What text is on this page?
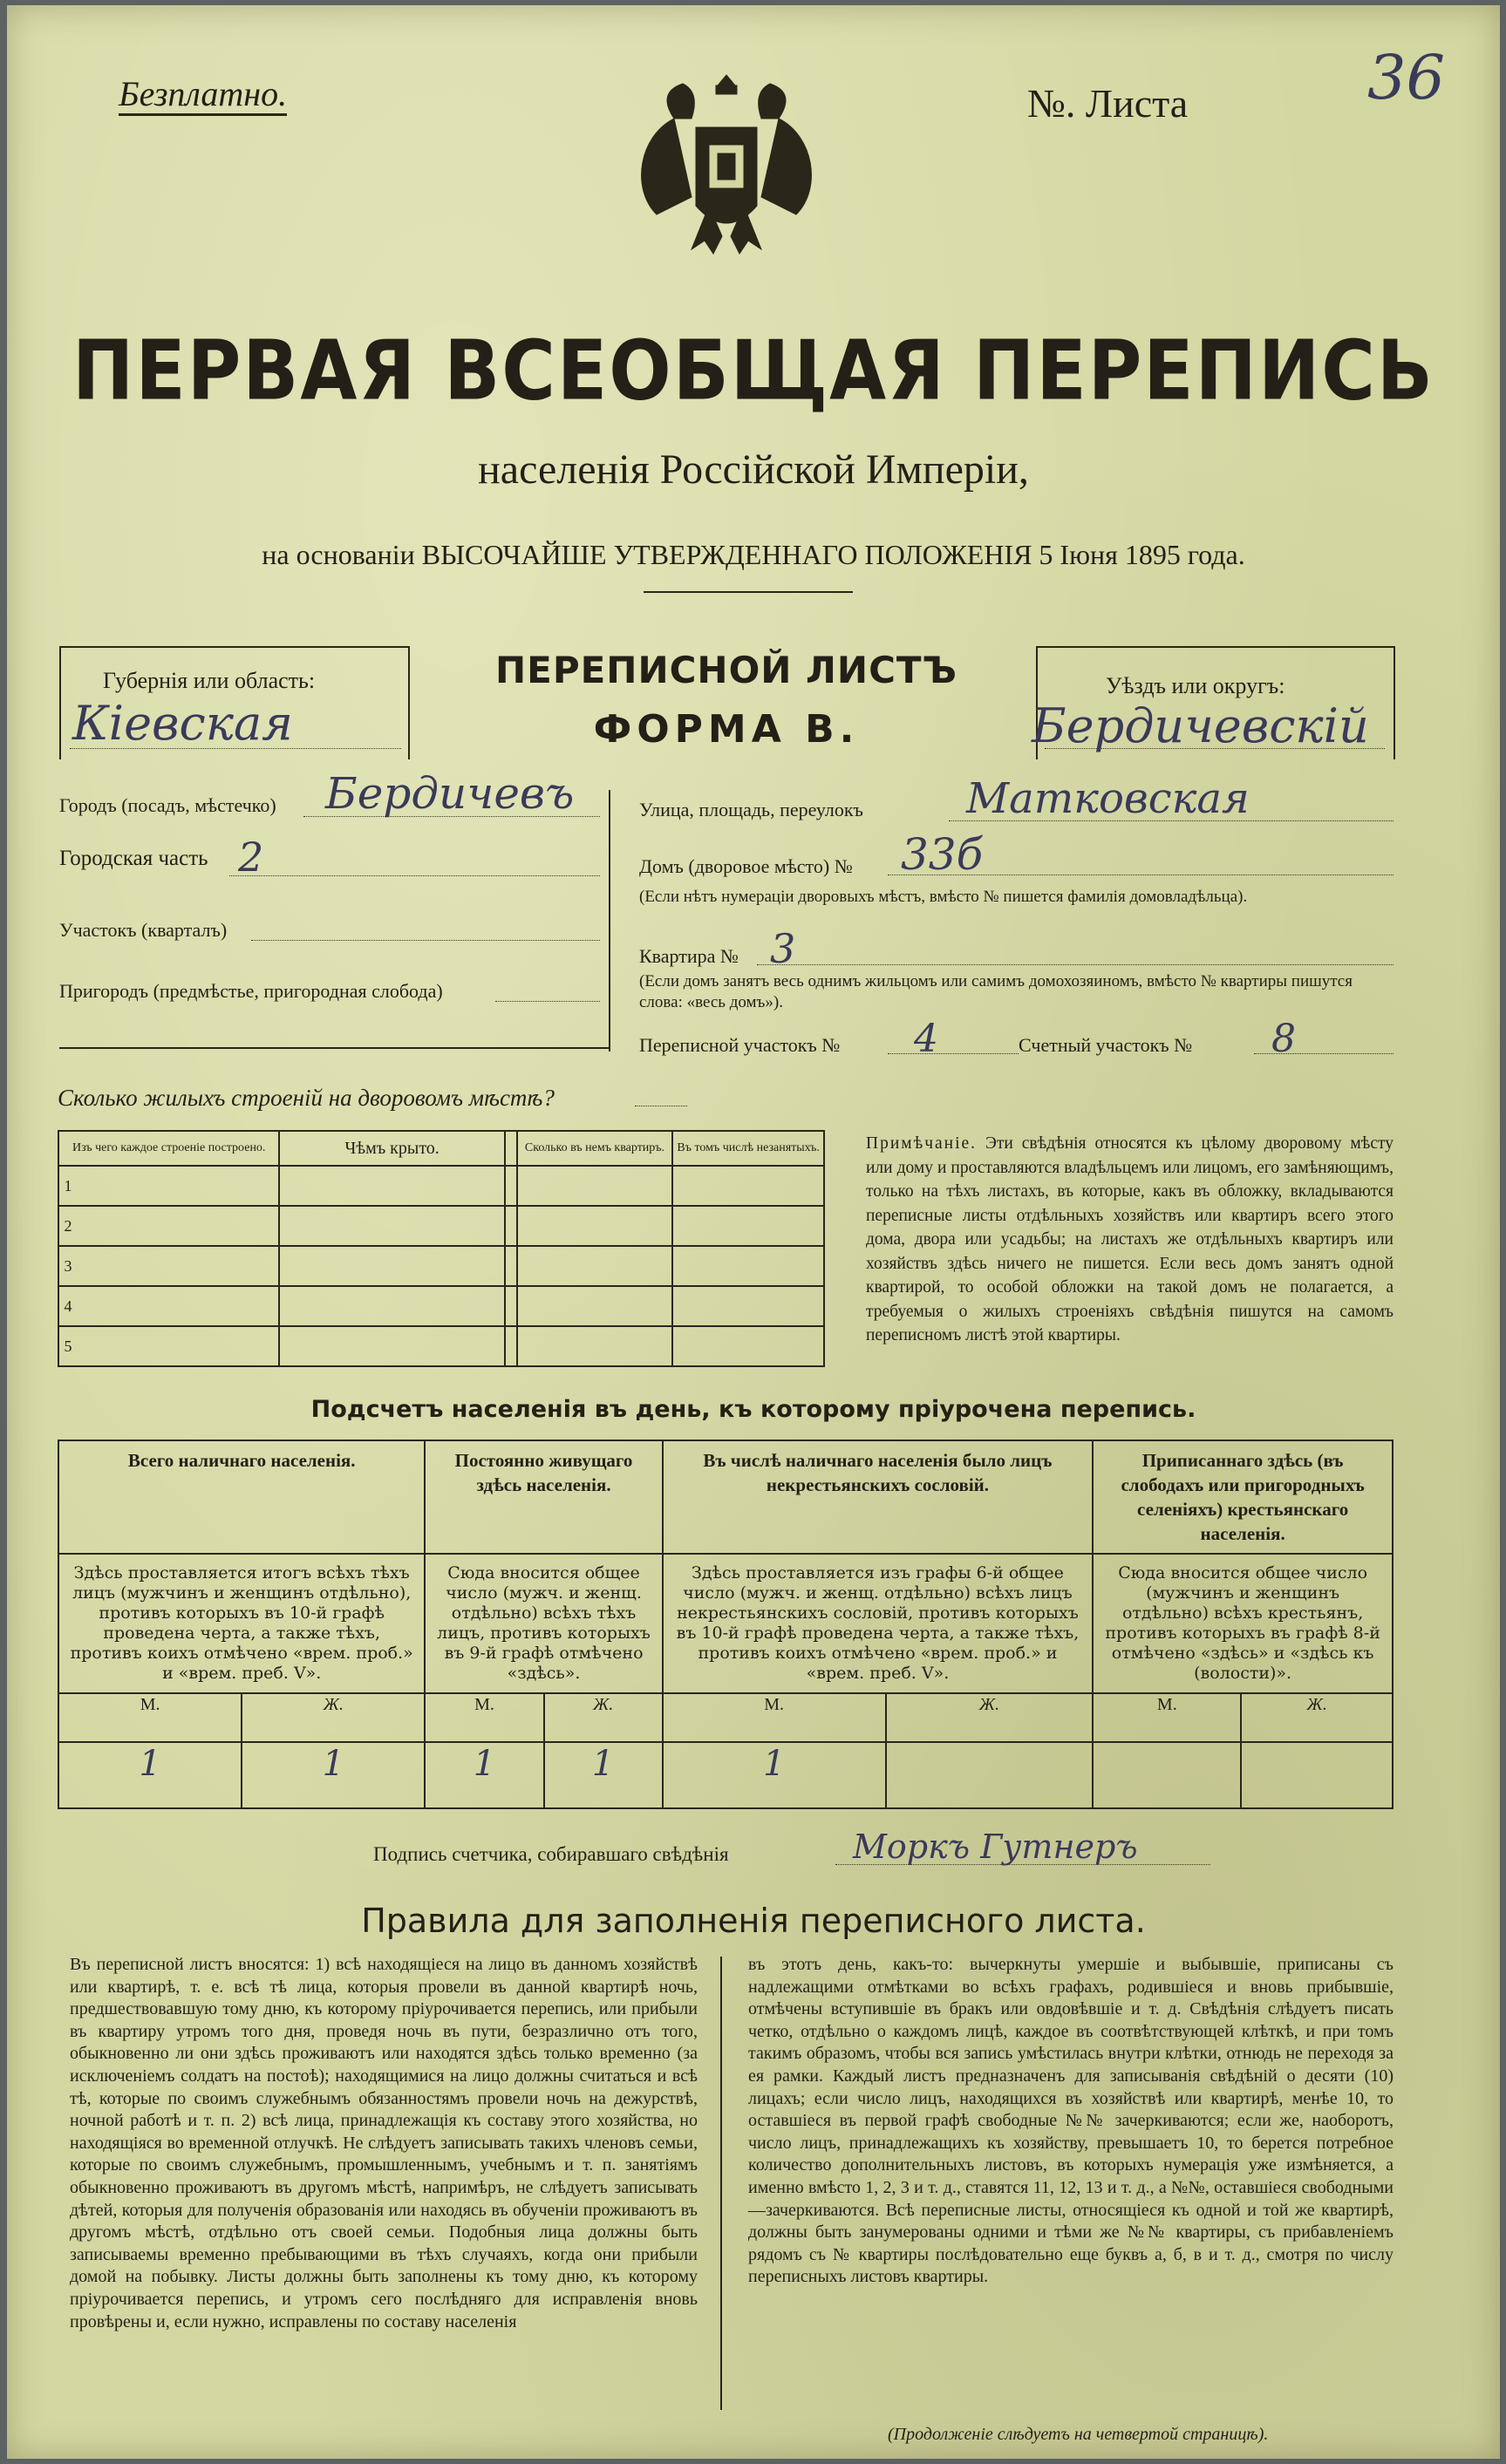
Безплатно.	№. Листа	36
ПЕРВАЯ ВСЕОБЩАЯ ПЕРЕПИСЬ
населенія Россійской Имперіи,
на основаніи ВЫСОЧАЙШЕ УТВЕРЖДЕННАГО ПОЛОЖЕНІЯ 5 Іюня 1895 года.
Губернія или область:
Кіевская
ПЕРЕПИСНОЙ ЛИСТЪ
ФОРМА В.
Уѣздъ или округъ:
Бердичевскій
Городъ (посадъ, мѣстечко) Бердичевъ
Городская часть 2
Участокъ (кварталъ)
Пригородъ (предмѣстье, пригородная слобода)
Улица, площадь, переулокъ Матковская
Домъ (дворовое мѣсто) № 33б
(Если нѣтъ нумераціи дворовыхъ мѣстъ, вмѣсто № пишется фамилія домовладѣльца).
Квартира № 3
(Если домъ занятъ весь однимъ жильцомъ или самимъ домохозяиномъ, вмѣсто № квартиры пишутся слова: «весь домъ»).
Переписной участокъ № 4	Счетный участокъ № 8
Сколько жилыхъ строеній на дворовомъ мѣстѣ?
Изъ чего каждое строеніе построено.	Чѣмъ крыто.		Сколько въ немъ квартиръ.	Въ томъ числѣ незанятыхъ.
1				
2				
3				
4				
5				
Примѣчаніе. Эти свѣдѣнія относятся къ цѣлому дворовому мѣсту или дому и проставляются владѣльцемъ или лицомъ, его замѣняющимъ, только на тѣхъ листахъ, въ которые, какъ въ обложку, вкладываются переписные листы отдѣльныхъ хозяйствъ или квартиръ всего этого дома, двора или усадьбы; на листахъ же отдѣльныхъ квартиръ или хозяйствъ здѣсь ничего не пишется. Если весь домъ занятъ одной квартирой, то особой обложки на такой домъ не полагается, а требуемыя о жилыхъ строеніяхъ свѣдѣнія пишутся на самомъ переписномъ листѣ этой квартиры.
Подсчетъ населенія въ день, къ которому пріурочена перепись.
Всего наличнаго населенія.		Постоянно живущаго здѣсь населенія.		Въ числѣ наличнаго населенія было лицъ некрестьянскихъ сословій.		Приписаннаго здѣсь (въ слободахъ или пригородныхъ селеніяхъ) крестьянскаго населенія.	
Здѣсь проставляется итогъ всѣхъ тѣхъ лицъ (мужчинъ и женщинъ отдѣльно), противъ которыхъ въ 10-й графѣ проведена черта, а также тѣхъ, противъ коихъ отмѣчено «врем. проб.» и «врем. преб. V».		Сюда вносится общее число (мужч. и женщ. отдѣльно) всѣхъ тѣхъ лицъ, противъ которыхъ въ 9-й графѣ отмѣчено «здѣсь».		Здѣсь проставляется изъ графы 6-й общее число (мужч. и женщ. отдѣльно) всѣхъ лицъ некрестьянскихъ сословій, противъ которыхъ въ 10-й графѣ проведена черта, а также тѣхъ, противъ коихъ отмѣчено «врем. проб.» и «врем. преб. V».		Сюда вносится общее число (мужчинъ и женщинъ отдѣльно) всѣхъ крестьянъ, противъ которыхъ въ графѣ 8-й отмѣчено «здѣсь» и «здѣсь къ (волости)».	
М.	Ж.	М.	Ж.	М.	Ж.	М.	Ж.
1	1	1	1	1			
Подпись счетчика, собиравшаго свѣдѣнія	Моркъ Гутнеръ
Правила для заполненія переписного листа.
Въ переписной листъ вносятся: 1) всѣ находящіеся на лицо въ данномъ хозяйствѣ или квартирѣ, т. е. всѣ тѣ лица, которыя провели въ данной квартирѣ ночь, предшествовавшую тому дню, къ которому пріурочивается перепись, или прибыли въ квартиру утромъ того дня, проведя ночь въ пути, безразлично отъ того, обыкновенно ли они здѣсь проживаютъ или находятся здѣсь только временно (за исключеніемъ солдатъ на постоѣ); находящимися на лицо должны считаться и всѣ тѣ, которые по своимъ служебнымъ обязанностямъ провели ночь на дежурствѣ, ночной работѣ и т. п. 2) всѣ лица, принадлежащія къ составу этого хозяйства, но находящіяся во временной отлучкѣ. Не слѣдуетъ записывать такихъ членовъ семьи, которые по своимъ служебнымъ, промышленнымъ, учебнымъ и т. п. занятіямъ обыкновенно проживаютъ въ другомъ мѣстѣ, напримѣръ, не слѣдуетъ записывать дѣтей, которыя для полученія образованія или находясь въ обученіи проживаютъ въ другомъ мѣстѣ, отдѣльно отъ своей семьи. Подобныя лица должны быть записываемы временно пребывающими въ тѣхъ случаяхъ, когда они прибыли домой на побывку. Листы должны быть заполнены къ тому дню, къ которому пріурочивается перепись, и утромъ сего послѣдняго для исправленія вновь провѣрены и, если нужно, исправлены по составу населенія
въ этотъ день, какъ-то: вычеркнуты умершіе и выбывшіе, приписаны съ надлежащими отмѣтками во всѣхъ графахъ, родившіеся и вновь прибывшіе, отмѣчены вступившіе въ бракъ или овдовѣвшіе и т. д. Свѣдѣнія слѣдуетъ писать четко, отдѣльно о каждомъ лицѣ, каждое въ соотвѣтствующей клѣткѣ, и при томъ такимъ образомъ, чтобы вся запись умѣстилась внутри клѣтки, отнюдь не переходя за ея рамки. Каждый листъ предназначенъ для записыванія свѣдѣній о десяти (10) лицахъ; если число лицъ, находящихся въ хозяйствѣ или квартирѣ, менѣе 10, то оставшіеся въ первой графѣ свободные №№ зачеркиваются; если же, наоборотъ, число лицъ, принадлежащихъ къ хозяйству, превышаетъ 10, то берется потребное количество дополнительныхъ листовъ, въ которыхъ нумерація уже измѣняется, а именно вмѣсто 1, 2, 3 и т. д., ставятся 11, 12, 13 и т. д., а №№, оставшіеся свободными—зачеркиваются. Всѣ переписные листы, относящіеся къ одной и той же квартирѣ, должны быть занумерованы одними и тѣми же №№ квартиры, съ прибавленіемъ рядомъ съ № квартиры послѣдовательно еще буквъ а, б, в и т. д., смотря по числу переписныхъ листовъ квартиры.
(Продолженіе слѣдуетъ на четвертой страницѣ).
